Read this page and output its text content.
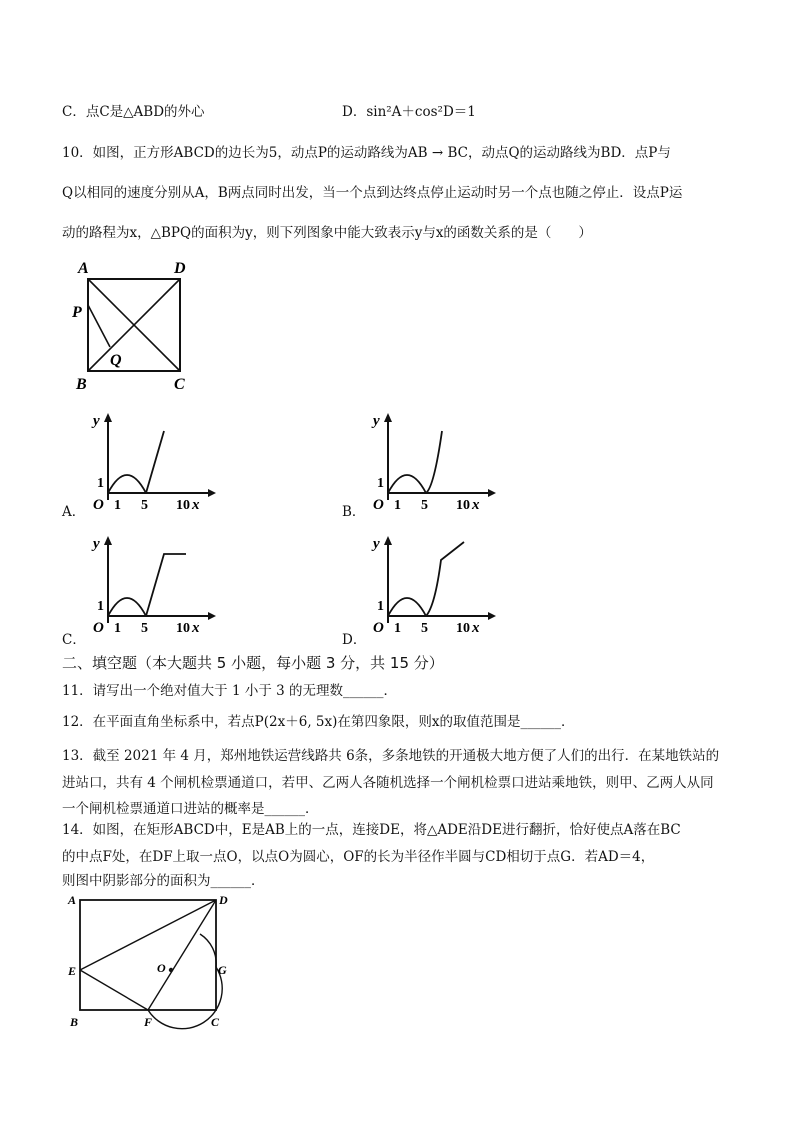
C．点C是△ABD的外心	D．sin²A＋cos²D＝1
10．如图，正方形ABCD的边长为5，动点P的运动路线为AB → BC，动点Q的运动路线为BD．点P与
Q以相同的速度分别从A，B两点同时出发，当一个点到达终点停止运动时另一个点也随之停止．设点P运
动的路程为x，△BPQ的面积为y，则下列图象中能大致表示y与x的函数关系的是（　　）
A	D
P
Q
B	C
A．
y
1
O 1 5 10 x	B．
y
1
O 1 5 10 x
C．
y
1
O 1 5 10 x
D．
y
1
O 1 5 10 x
二、填空题（本大题共 5 小题，每小题 3 分，共 15 分）
11．请写出一个绝对值大于 1 小于 3 的无理数______．
12．在平面直角坐标系中，若点P(2x＋6, 5x)在第四象限，则x的取值范围是______．
13．截至 2021 年 4 月，郑州地铁运营线路共 6条，多条地铁的开通极大地方便了人们的出行．在某地铁站的
进站口，共有 4 个闸机检票通道口，若甲、乙两人各随机选择一个闸机检票口进站乘地铁，则甲、乙两人从同
一个闸机检票通道口进站的概率是______．
14．如图，在矩形ABCD中，E是AB上的一点，连接DE，将△ADE沿DE进行翻折，恰好使点A落在BC
的中点F处，在DF上取一点O，以点O为圆心，OF的长为半径作半圆与CD相切于点G．若AD＝4，
则图中阴影部分的面积为______．
A	D
E	O	G
B	F	C
